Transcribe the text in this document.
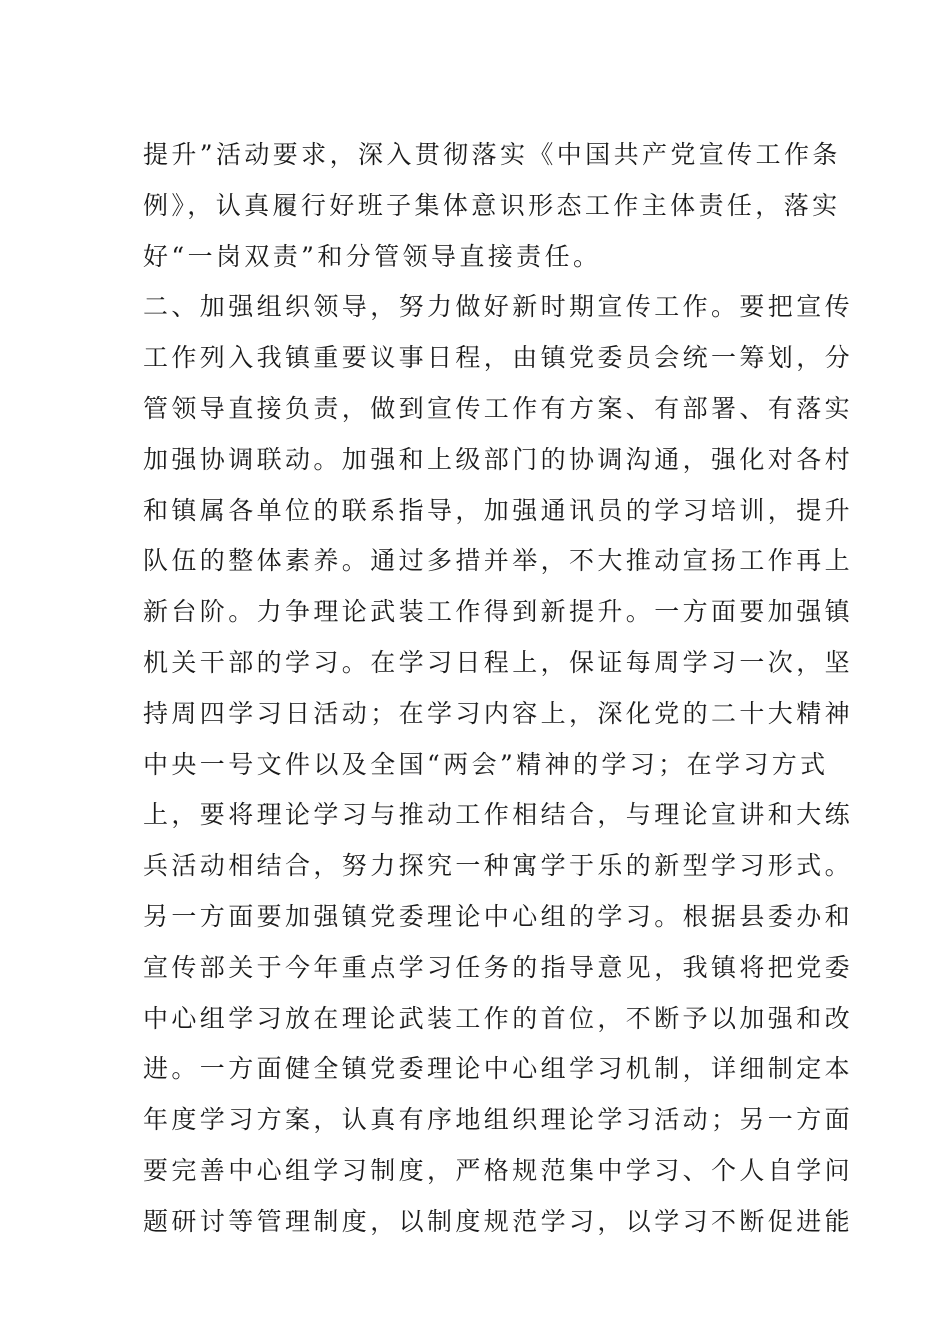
提升”活动要求，深入贯彻落实《中国共产党宣传工作条
例》，认真履行好班子集体意识形态工作主体责任，落实
好“一岗双责”和分管领导直接责任。
二、加强组织领导，努力做好新时期宣传工作。要把宣传
工作列入我镇重要议事日程，由镇党委员会统一筹划，分
管领导直接负责，做到宣传工作有方案、有部署、有落实
加强协调联动。加强和上级部门的协调沟通，强化对各村
和镇属各单位的联系指导，加强通讯员的学习培训，提升
队伍的整体素养。通过多措并举，不大推动宣扬工作再上
新台阶。力争理论武装工作得到新提升。一方面要加强镇
机关干部的学习。在学习日程上，保证每周学习一次，坚
持周四学习日活动；在学习内容上，深化党的二十大精神
中央一号文件以及全国“两会”精神的学习；在学习方式
上，要将理论学习与推动工作相结合，与理论宣讲和大练
兵活动相结合，努力探究一种寓学于乐的新型学习形式。
另一方面要加强镇党委理论中心组的学习。根据县委办和
宣传部关于今年重点学习任务的指导意见，我镇将把党委
中心组学习放在理论武装工作的首位，不断予以加强和改
进。一方面健全镇党委理论中心组学习机制，详细制定本
年度学习方案，认真有序地组织理论学习活动；另一方面
要完善中心组学习制度，严格规范集中学习、个人自学问
题研讨等管理制度，以制度规范学习，以学习不断促进能
